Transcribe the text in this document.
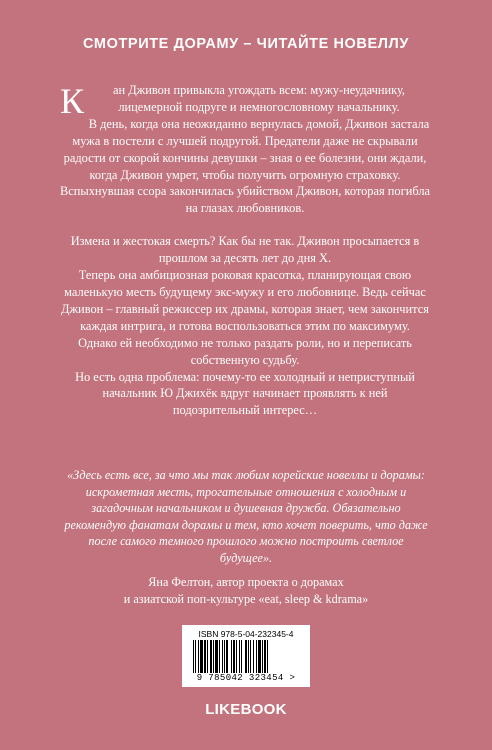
СМОТРИТЕ ДОРАМУ – ЧИТАЙТЕ НОВЕЛЛУ

К ан Дживон привыкла угождать всем: мужу-неудачнику, лицемерной подруге и немногословному начальнику.

В день, когда она неожиданно вернулась домой, Дживон застала мужа в постели с лучшей подругой. Предатели даже не скрывали радости от скорой кончины девушки – зная о ее болезни, они ждали, когда Дживон умрет, чтобы получить огромную страховку. Вспыхнувшая ссора закончилась убийством Дживон, которая погибла на глазах любовников.

Измена и жестокая смерть? Как бы не так. Дживон просыпается в прошлом за десять лет до дня Х.

Теперь она амбициозная роковая красотка, планирующая свою маленькую месть будущему экс-мужу и его любовнице. Ведь сейчас Дживон – главный режиссер их драмы, которая знает, чем закончится каждая интрига, и готова воспользоваться этим по максимуму. Однако ей необходимо не только раздать роли, но и переписать собственную судьбу.

Но есть одна проблема: почему-то ее холодный и неприступный начальник Ю Джихёк вдруг начинает проявлять к ней подозрительный интерес…

«Здесь есть все, за что мы так любим корейские новеллы и дорамы: искрометная месть, трогательные отношения с холодным и загадочным начальником и душевная дружба. Обязательно рекомендую фанатам дорамы и тем, кто хочет поверить, что даже после самого темного прошлого можно построить светлое будущее».

Яна Фелтон, автор проекта о дорамах

и азиатской поп-культуре «eat, sleep & kdrama»

ISBN 978-5-04-232345-4
9 785042 323454 >
LIKEBOOK
